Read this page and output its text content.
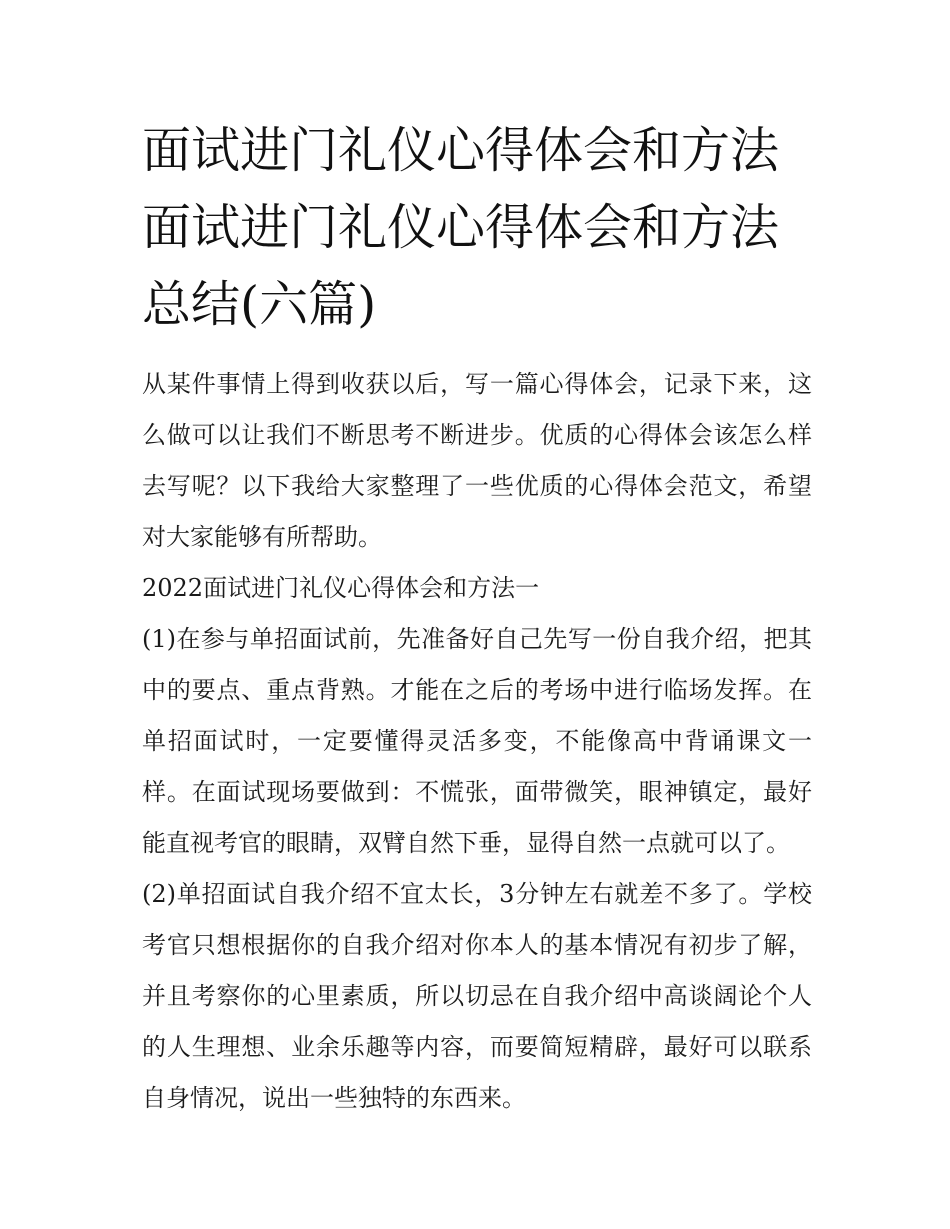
面试进门礼仪心得体会和方法面试进门礼仪心得体会和方法总结(六篇)

从某件事情上得到收获以后，写一篇心得体会，记录下来，这么做可以让我们不断思考不断进步。优质的心得体会该怎么样去写呢？以下我给大家整理了一些优质的心得体会范文，希望对大家能够有所帮助。

2022面试进门礼仪心得体会和方法一

(1)在参与单招面试前，先准备好自己先写一份自我介绍，把其中的要点、重点背熟。才能在之后的考场中进行临场发挥。在单招面试时，一定要懂得灵活多变，不能像高中背诵课文一样。在面试现场要做到：不慌张，面带微笑，眼神镇定，最好能直视考官的眼睛，双臂自然下垂，显得自然一点就可以了。

(2)单招面试自我介绍不宜太长，3分钟左右就差不多了。学校考官只想根据你的自我介绍对你本人的基本情况有初步了解，并且考察你的心里素质，所以切忌在自我介绍中高谈阔论个人的人生理想、业余乐趣等内容，而要简短精辟，最好可以联系自身情况，说出一些独特的东西来。
